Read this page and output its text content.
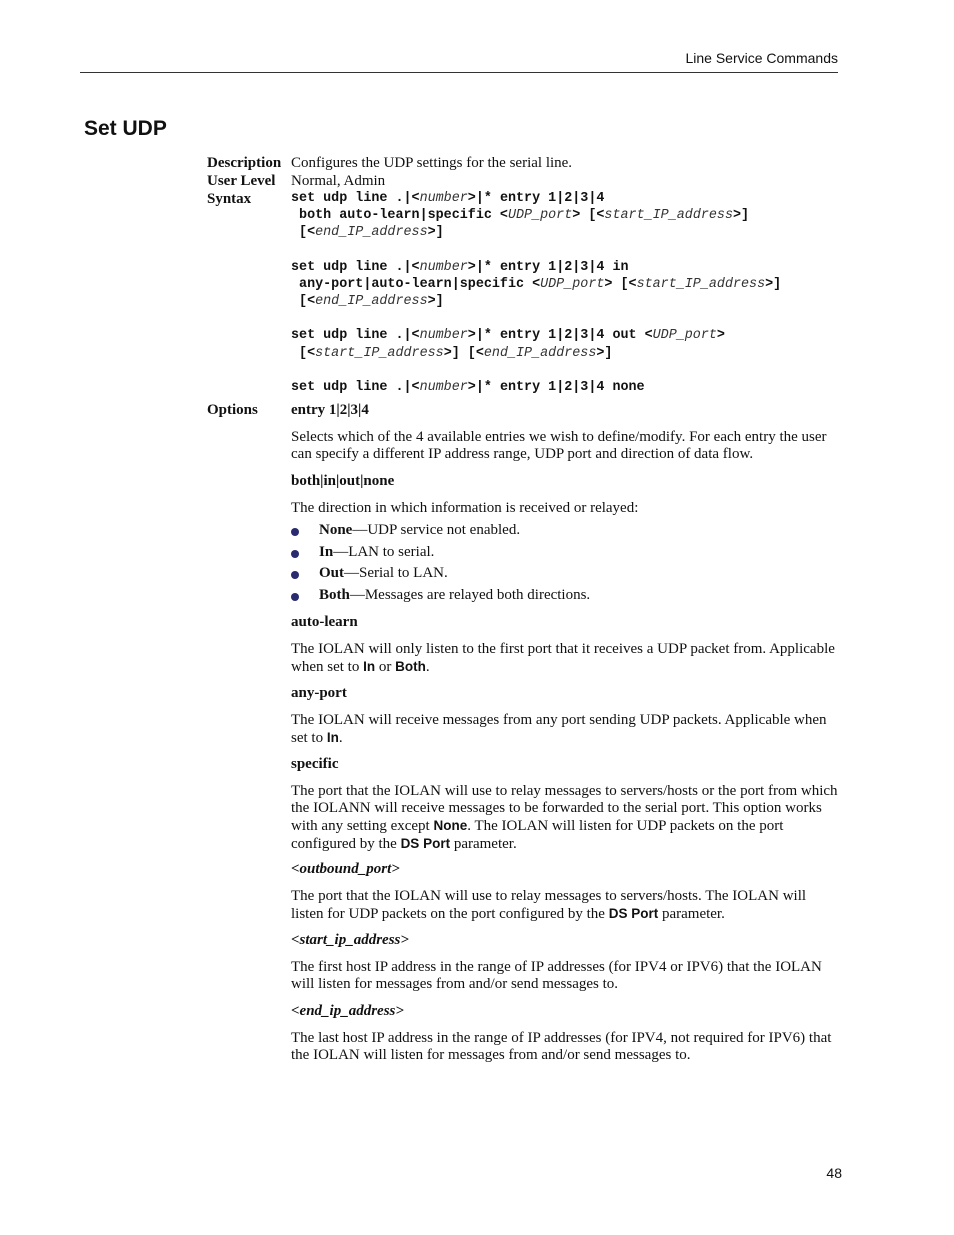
Line Service Commands
Set UDP
Description Configures the UDP settings for the serial line.
User Level Normal, Admin
Syntax	set udp line .|<number>|* entry 1|2|3|4
both auto-learn|specific <UDP_port> [<start_IP_address>]
[<end_IP_address>]
set udp line .|<number>|* entry 1|2|3|4 in
any-port|auto-learn|specific <UDP_port> [<start_IP_address>]
[<end_IP_address>]
set udp line .|<number>|* entry 1|2|3|4 out <UDP_port>
[<start_IP_address>] [<end_IP_address>]
set udp line .|<number>|* entry 1|2|3|4 none
Options entry 1|2|3|4
Selects which of the 4 available entries we wish to define/modify. For each entry the user can specify a different IP address range, UDP port and direction of data flow.
both|in|out|none
The direction in which information is received or relayed:
None—UDP service not enabled.
In—LAN to serial.
Out—Serial to LAN.
Both—Messages are relayed both directions.
auto-learn
The IOLAN will only listen to the first port that it receives a UDP packet from. Applicable when set to In or Both.
any-port
The IOLAN will receive messages from any port sending UDP packets. Applicable when set to In.
specific
The port that the IOLAN will use to relay messages to servers/hosts or the port from which the IOLANN will receive messages to be forwarded to the serial port. This option works with any setting except None. The IOLAN will listen for UDP packets on the port configured by the DS Port parameter.
<outbound_port>
The port that the IOLAN will use to relay messages to servers/hosts. The IOLAN will listen for UDP packets on the port configured by the DS Port parameter.
<start_ip_address>
The first host IP address in the range of IP addresses (for IPV4 or IPV6) that the IOLAN will listen for messages from and/or send messages to.
<end_ip_address>
The last host IP address in the range of IP addresses (for IPV4, not required for IPV6) that the IOLAN will listen for messages from and/or send messages to.
48
